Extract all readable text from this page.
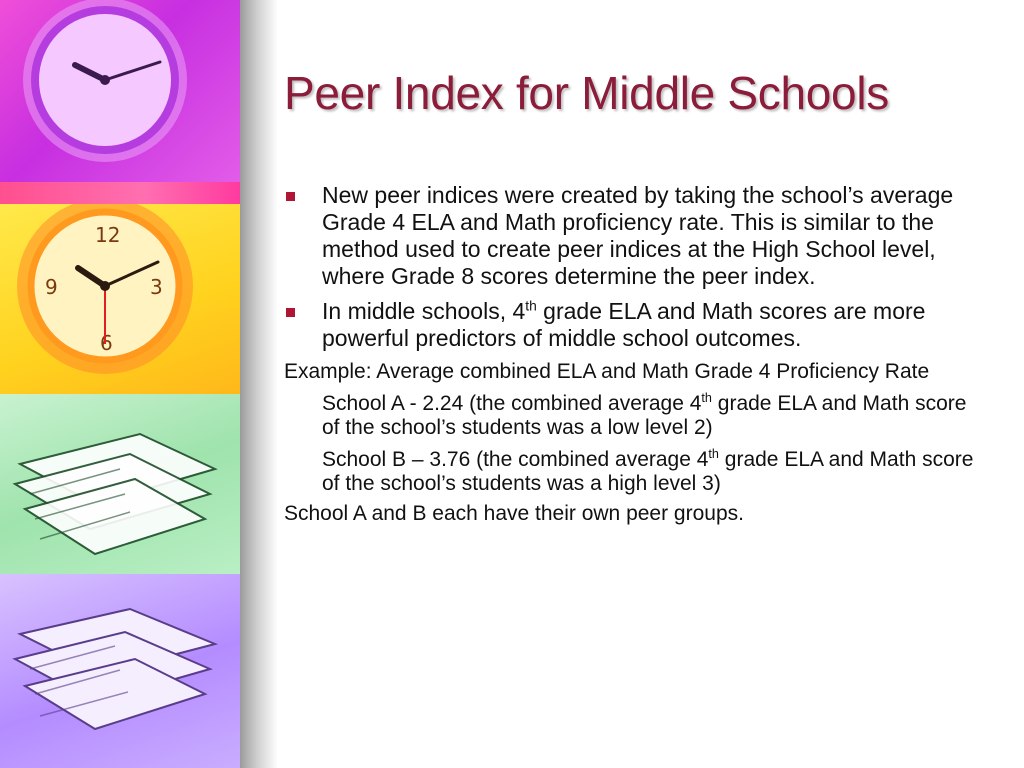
12
3
6
9
Peer Index for Middle Schools
New peer indices were created by taking the school’s average Grade 4 ELA and Math proficiency rate. This is similar to the method used to create peer indices at the High School level, where Grade 8 scores determine the peer index.
In middle schools, 4th grade ELA and Math scores are more powerful predictors of middle school outcomes.
Example: Average combined ELA and Math Grade 4 Proficiency Rate
School A - 2.24 (the combined average 4th grade ELA and Math score of the school’s students was a low level 2)
School B – 3.76 (the combined average 4th grade ELA and Math score of the school’s students was a high level 3)
School A and B each have their own peer groups.
